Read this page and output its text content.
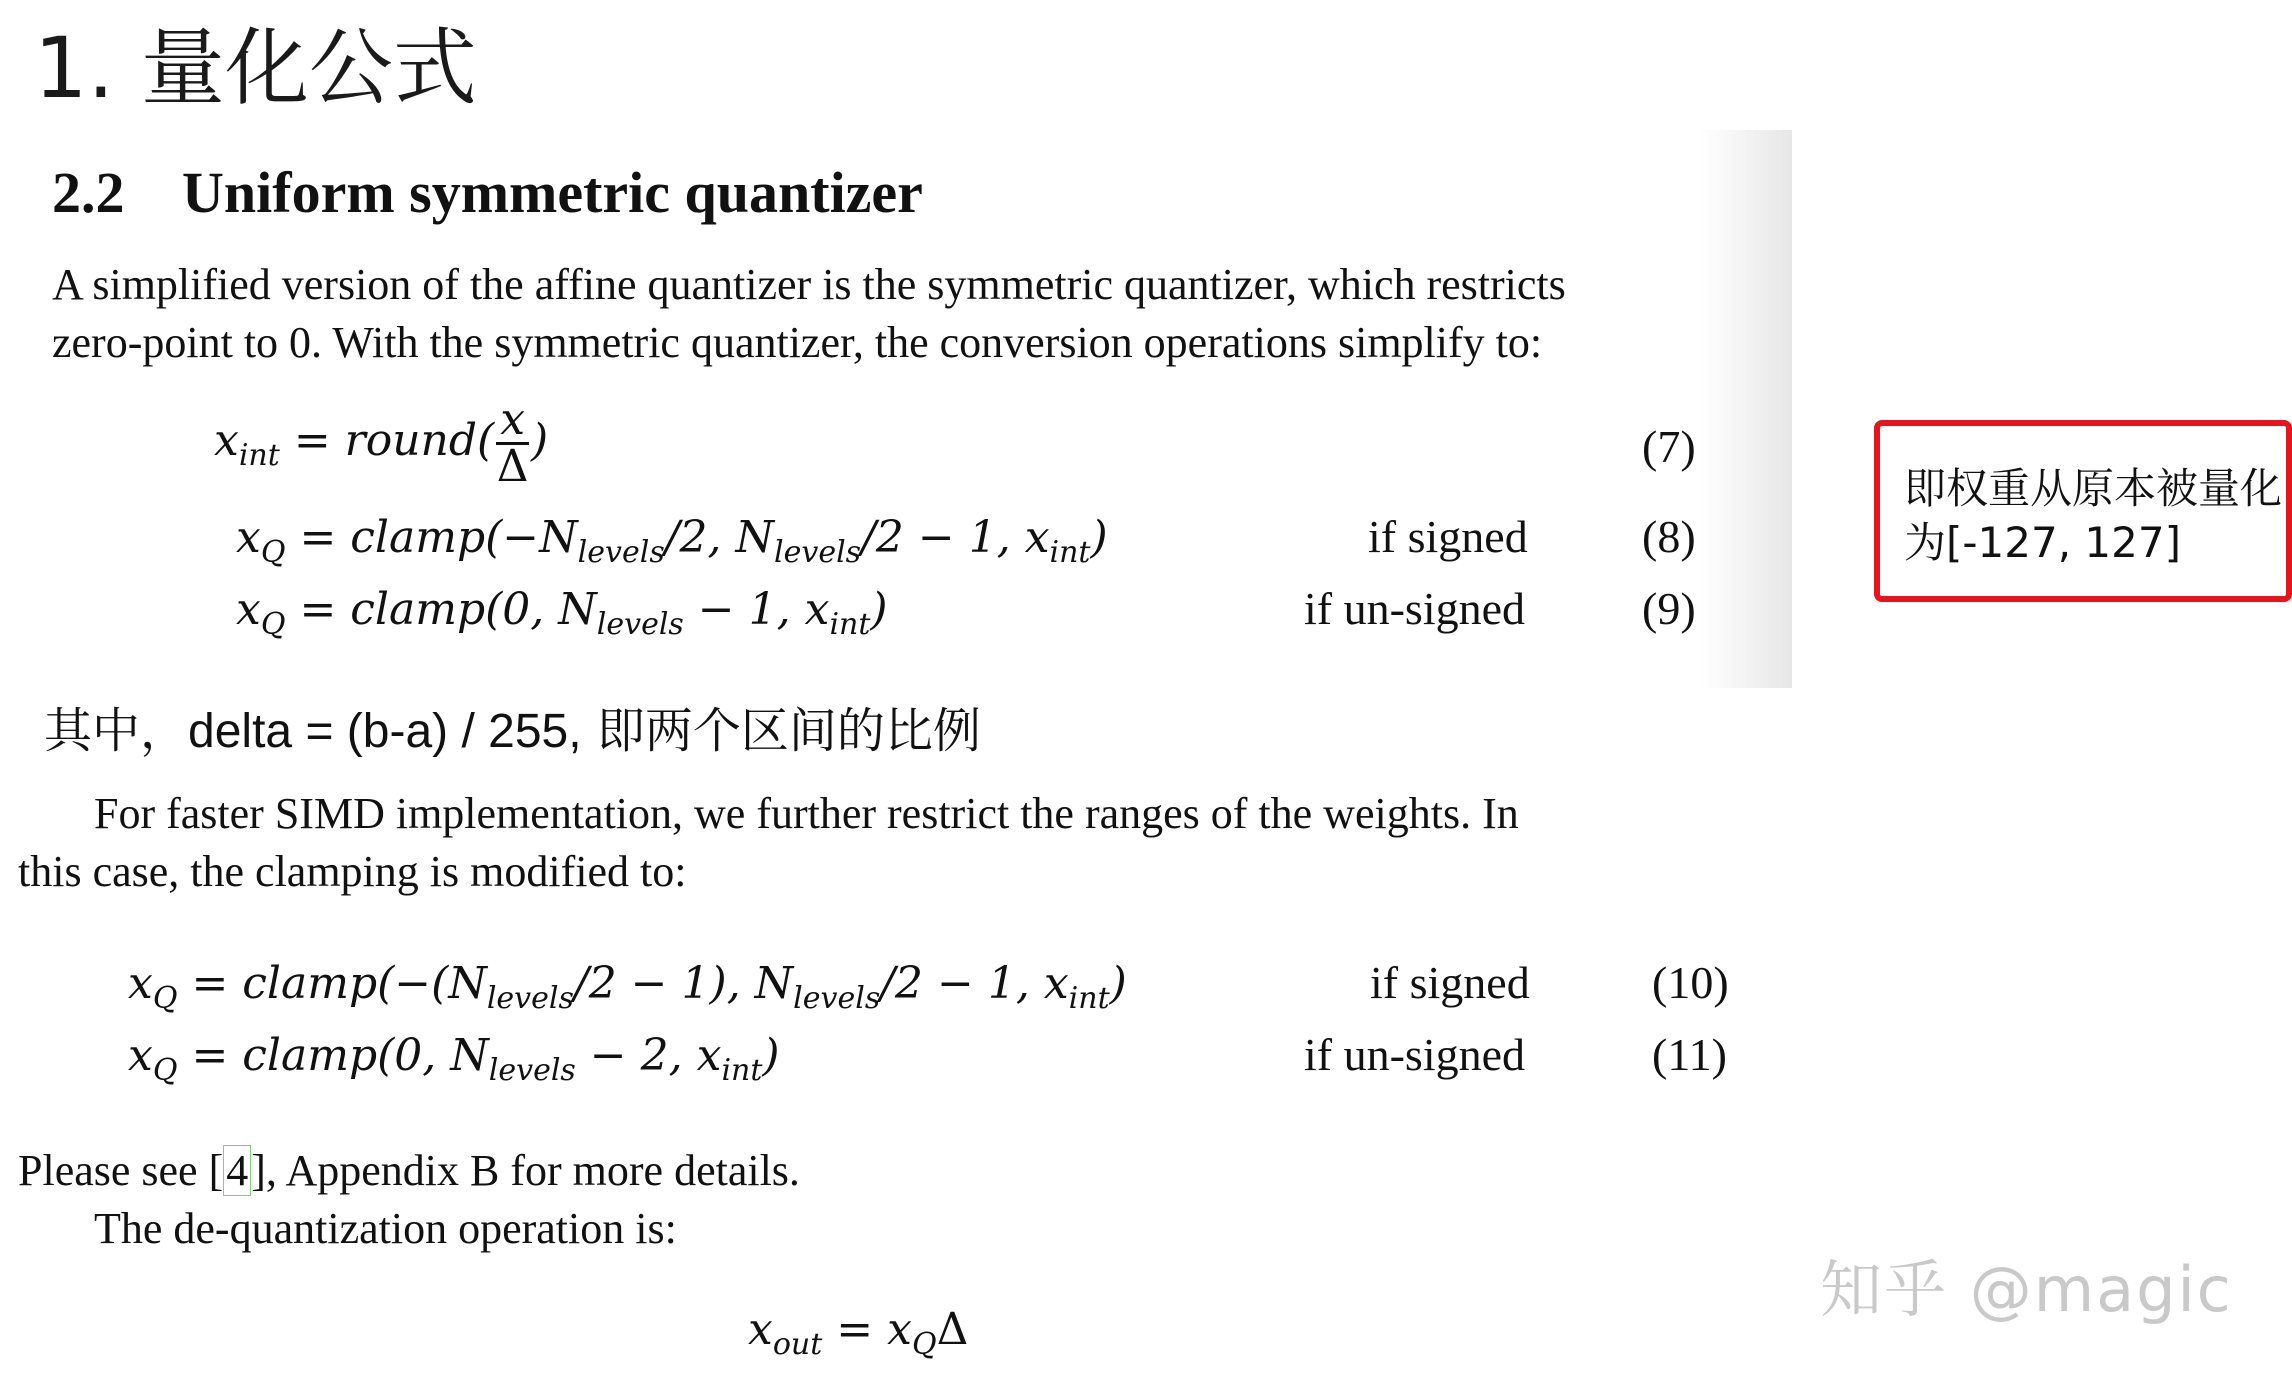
1. 量化公式
2.2 Uniform symmetric quantizer
A simplified version of the affine quantizer is the symmetric quantizer, which restricts
zero-point to 0. With the symmetric quantizer, the conversion operations simplify to:
$x_{int}$ = round( $\frac{x}{\Delta}$ )	(7)
$x_Q$ = $clamp(-N_{levels}/2$, $N_{levels}/2 - 1$, $x_{int}$)	if signed (8)
$x_Q$ = clamp(0, $N_{levels} - 1$, $x_{int}$)	if un-signed	(9)
其中，delta = (b-a) / 255, 即两个区间的比例
即权重从原本被量化为[-127, 127]
For faster SIMD implementation, we further restrict the ranges of the weights. In
this case, the clamping is modified to:
$x_Q$ = $clamp(-(N_{levels}/2 - 1)$, $N_{levels}/2 - 1$, $x_{int}$)	if signed	(10)
$x_Q$ = clamp(0, $N_{levels} - 2$, $x_{int}$)	if un-signed	(11)
Please see [4], Appendix B for more details.
The de-quantization operation is:
$x_{out} = x_Q\Delta$
知乎 @magic
